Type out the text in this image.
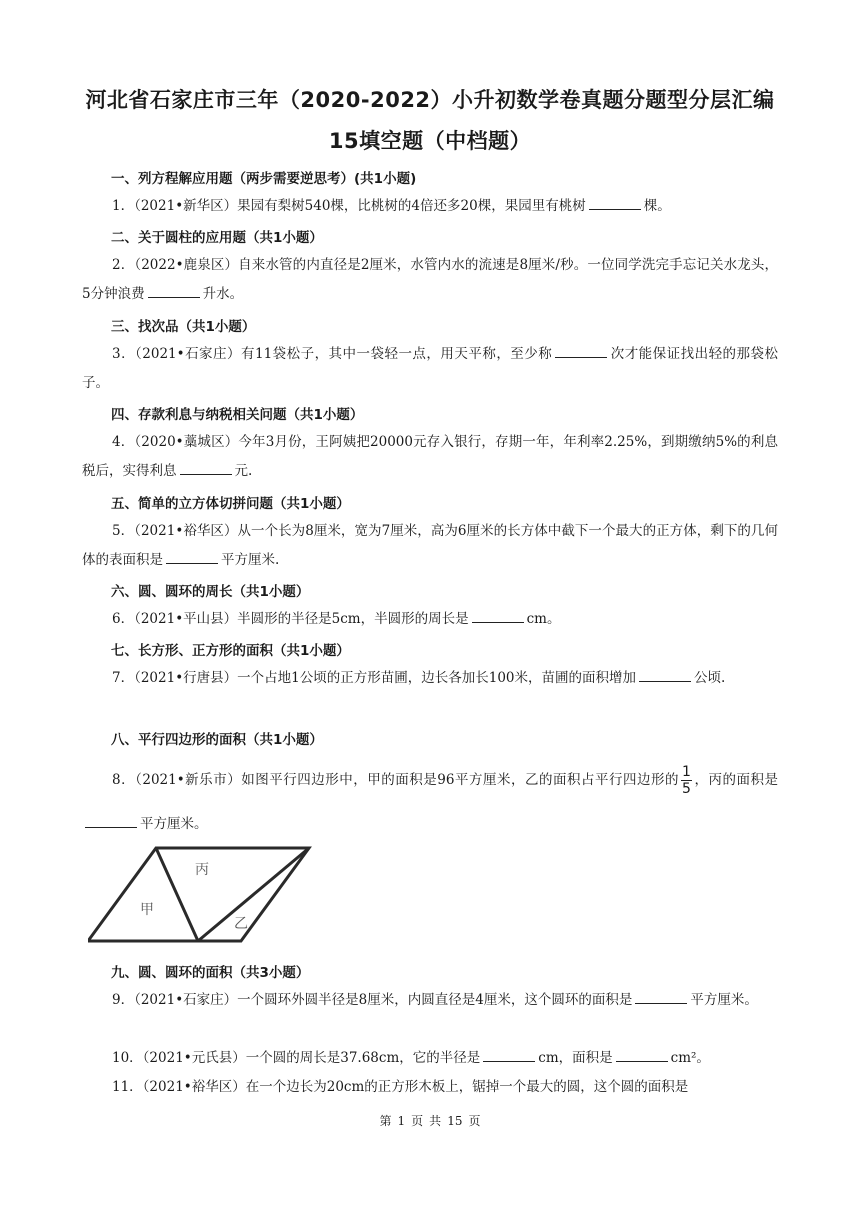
河北省石家庄市三年（2020-2022）小升初数学卷真题分题型分层汇编
15填空题（中档题）
一、列方程解应用题（两步需要逆思考）(共1小题)
1．（2021•新华区）果园有梨树540棵，比桃树的4倍还多20棵，果园里有桃树	棵。
二、关于圆柱的应用题（共1小题）
2．（2022•鹿泉区）自来水管的内直径是2厘米，水管内水的流速是8厘米/秒。一位同学洗完手忘记关水龙头，5分钟浪费	升水。
三、找次品（共1小题）
3．（2021•石家庄）有11袋松子，其中一袋轻一点，用天平称，至少称	次才能保证找出轻的那袋松子。
四、存款利息与纳税相关问题（共1小题）
4．（2020•藁城区）今年3月份，王阿姨把20000元存入银行，存期一年，年利率2.25%，到期缴纳5%的利息税后，实得利息	元.
五、简单的立方体切拼问题（共1小题）
5．（2021•裕华区）从一个长为8厘米，宽为7厘米，高为6厘米的长方体中截下一个最大的正方体，剩下的几何体的表面积是	平方厘米.
六、圆、圆环的周长（共1小题）
6．（2021•平山县）半圆形的半径是5cm，半圆形的周长是	cm。
七、长方形、正方形的面积（共1小题）
7．（2021•行唐县）一个占地1公顷的正方形苗圃，边长各加长100米，苗圃的面积增加	公顷.
八、平行四边形的面积（共1小题）
8．（2021•新乐市）如图平行四边形中，甲的面积是96平方厘米，乙的面积占平行四边形的 $\frac{1}{5}$ ，丙的面积是平方厘米。
甲
丙
乙
九、圆、圆环的面积（共3小题）
9．（2021•石家庄）一个圆环外圆半径是8厘米，内圆直径是4厘米，这个圆环的面积是	平方厘米。
10．（2021•元氏县）一个圆的周长是37.68cm，它的半径是	cm，面积是	cm²。
11．（2021•裕华区）在一个边长为20cm的正方形木板上，锯掉一个最大的圆，这个圆的面积是
第 1 页 共 15 页
